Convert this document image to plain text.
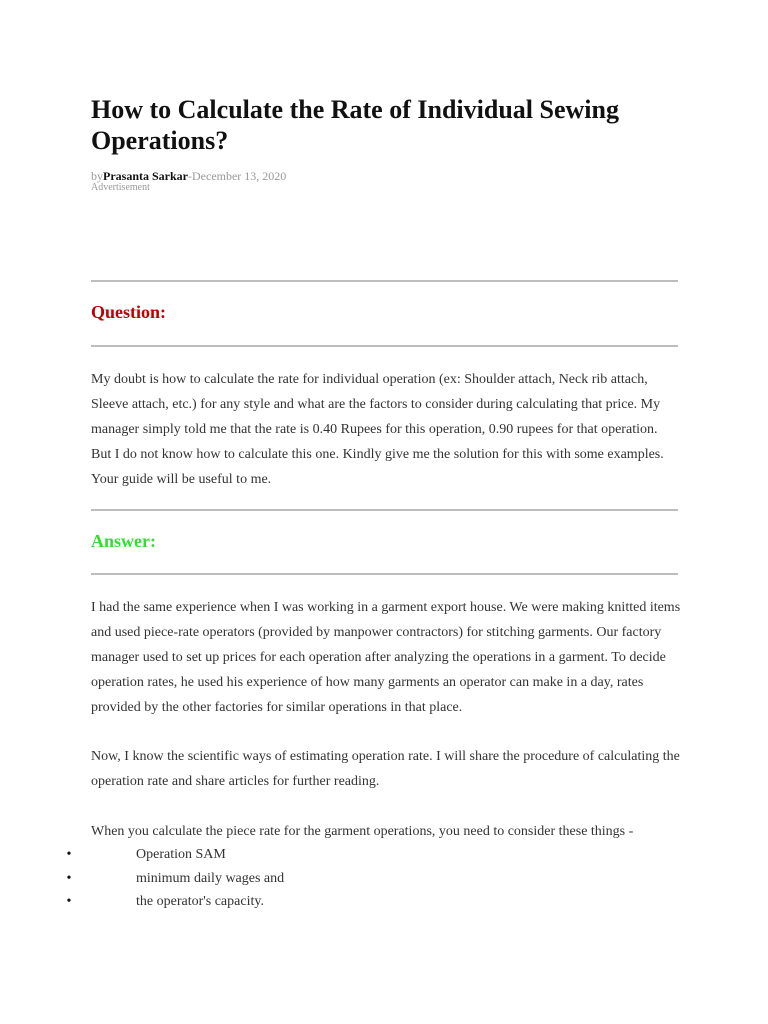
How to Calculate the Rate of Individual Sewing Operations?
byPrasanta Sarkar-December 13, 2020
Advertisement
Question:

My doubt is how to calculate the rate for individual operation (ex: Shoulder attach, Neck rib attach, Sleeve attach, etc.) for any style and what are the factors to consider during calculating that price. My manager simply told me that the rate is 0.40 Rupees for this operation, 0.90 rupees for that operation. But I do not know how to calculate this one. Kindly give me the solution for this with some examples. Your guide will be useful to me.

Answer:

I had the same experience when I was working in a garment export house. We were making knitted items and used piece-rate operators (provided by manpower contractors) for stitching garments. Our factory manager used to set up prices for each operation after analyzing the operations in a garment. To decide operation rates, he used his experience of how many garments an operator can make in a day, rates provided by the other factories for similar operations in that place.

Now, I know the scientific ways of estimating operation rate. I will share the procedure of calculating the operation rate and share articles for further reading.

When you calculate the piece rate for the garment operations, you need to consider these things -

•	Operation SAM
•	minimum daily wages and
•	the operator's capacity.
